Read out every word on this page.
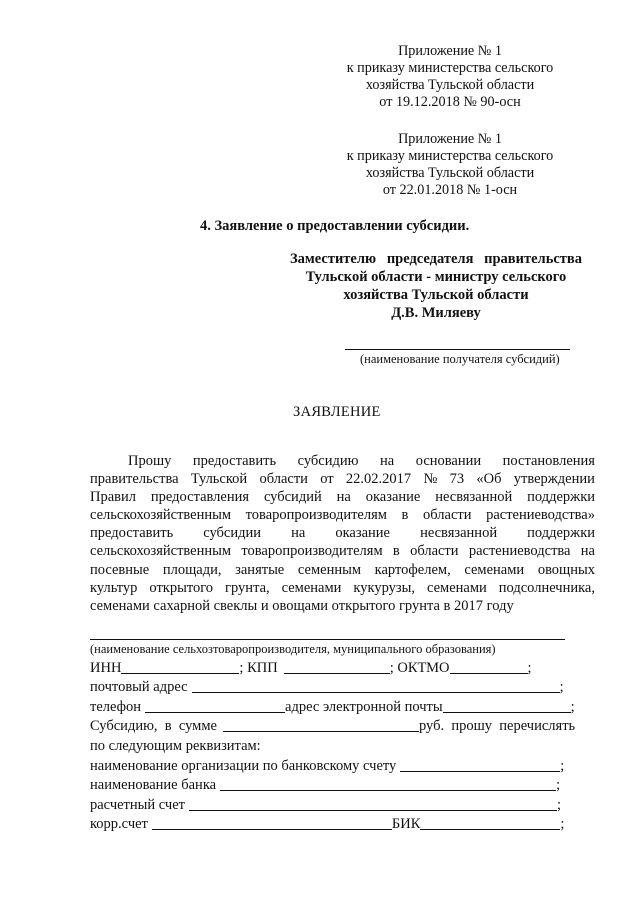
Приложение № 1
к приказу министерства сельского
хозяйства Тульской области
от 19.12.2018 № 90-осн
Приложение № 1
к приказу министерства сельского
хозяйства Тульской области
от 22.01.2018 № 1-осн
4. Заявление о предоставлении субсидии.
Заместителю председателя правительства
Тульской области - министру сельского
хозяйства Тульской области
Д.В. Миляеву
(наименование получателя субсидий)
ЗАЯВЛЕНИЕ
Прошу предоставить субсидию на основании постановления
правительства Тульской области от 22.02.2017 № 73 «Об утверждении
Правил предоставления субсидий на оказание несвязанной поддержки
сельскохозяйственным товаропроизводителям в области растениеводства»
предоставить субсидии на оказание несвязанной поддержки
сельскохозяйственным товаропроизводителям в области растениеводства на
посевные площади, занятые семенным картофелем, семенами овощных
культур открытого грунта, семенами кукурузы, семенами подсолнечника,
семенами сахарной свеклы и овощами открытого грунта в 2017 году
(наименование сельхозтоваропроизводителя, муниципального образования)
ИНН	; КПП	; ОКТМО	;
почтовый адрес	;
телефон	адрес электронной почты	;
Субсидию,  в  сумме	руб.  прошу  перечислять
по следующим реквизитам:
наименование организации по банковскому счету	;
наименование банка	;
расчетный счет	;
корр.счет	БИК	;
